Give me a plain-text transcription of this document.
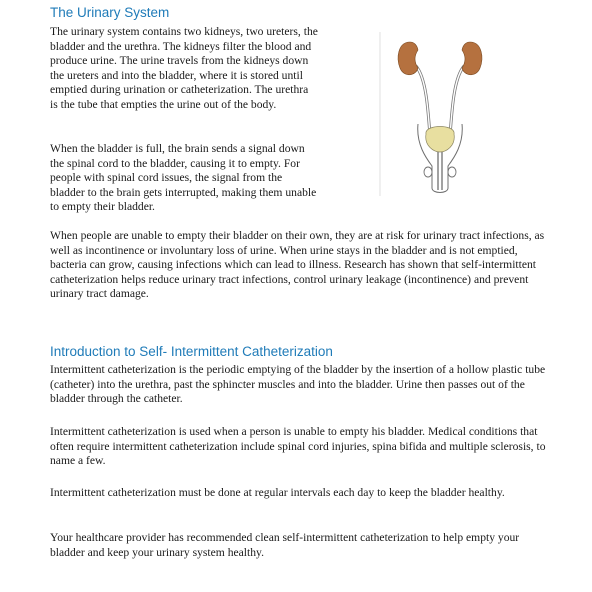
The Urinary System

The urinary system contains two kidneys, two ureters, the bladder and the urethra. The kidneys filter the blood and produce urine. The urine travels from the kidneys down the ureters and into the bladder, where it is stored until emptied during urination or catheterization. The urethra is the tube that empties the urine out of the body.

When the bladder is full, the brain sends a signal down the spinal cord to the bladder, causing it to empty. For people with spinal cord issues, the signal from the bladder to the brain gets interrupted, making them unable to empty their bladder.

When people are unable to empty their bladder on their own, they are at risk for urinary tract infections, as well as incontinence or involuntary loss of urine. When urine stays in the bladder and is not emptied, bacteria can grow, causing infections which can lead to illness. Research has shown that self-intermittent catheterization helps reduce urinary tract infections, control urinary leakage (incontinence) and prevent urinary tract damage.

Introduction to Self- Intermittent Catheterization

Intermittent catheterization is the periodic emptying of the bladder by the insertion of a hollow plastic tube (catheter) into the urethra, past the sphincter muscles and into the bladder. Urine then passes out of the bladder through the catheter.

Intermittent catheterization is used when a person is unable to empty his bladder. Medical conditions that often require intermittent catheterization include spinal cord injuries, spina bifida and multiple sclerosis, to name a few.

Intermittent catheterization must be done at regular intervals each day to keep the bladder healthy.

Your healthcare provider has recommended clean self-intermittent catheterization to help empty your bladder and keep your urinary system healthy.
